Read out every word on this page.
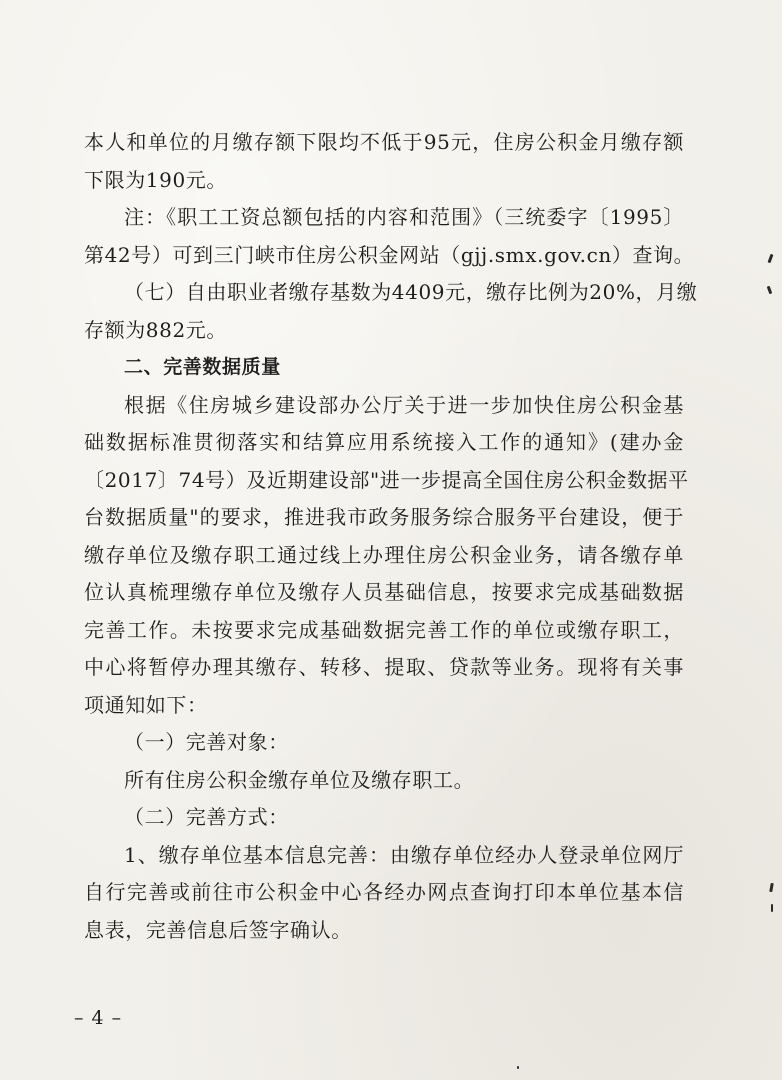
本人和单位的月缴存额下限均不低于95元，住房公积金月缴存额
下限为190元。
注：《职工工资总额包括的内容和范围》（三统委字〔1995〕
第42号）可到三门峡市住房公积金网站（gjj.smx.gov.cn）查询。
（七）自由职业者缴存基数为4409元，缴存比例为20%，月缴
存额为882元。
二、完善数据质量
根据《住房城乡建设部办公厅关于进一步加快住房公积金基
础数据标准贯彻落实和结算应用系统接入工作的通知》(建办金
〔2017〕74号）及近期建设部"进一步提高全国住房公积金数据平
台数据质量"的要求，推进我市政务服务综合服务平台建设，便于
缴存单位及缴存职工通过线上办理住房公积金业务，请各缴存单
位认真梳理缴存单位及缴存人员基础信息，按要求完成基础数据
完善工作。未按要求完成基础数据完善工作的单位或缴存职工，
中心将暂停办理其缴存、转移、提取、贷款等业务。现将有关事
项通知如下：
（一）完善对象：
所有住房公积金缴存单位及缴存职工。
（二）完善方式：
1、缴存单位基本信息完善：由缴存单位经办人登录单位网厅
自行完善或前往市公积金中心各经办网点查询打印本单位基本信
息表，完善信息后签字确认。
– 4 –
